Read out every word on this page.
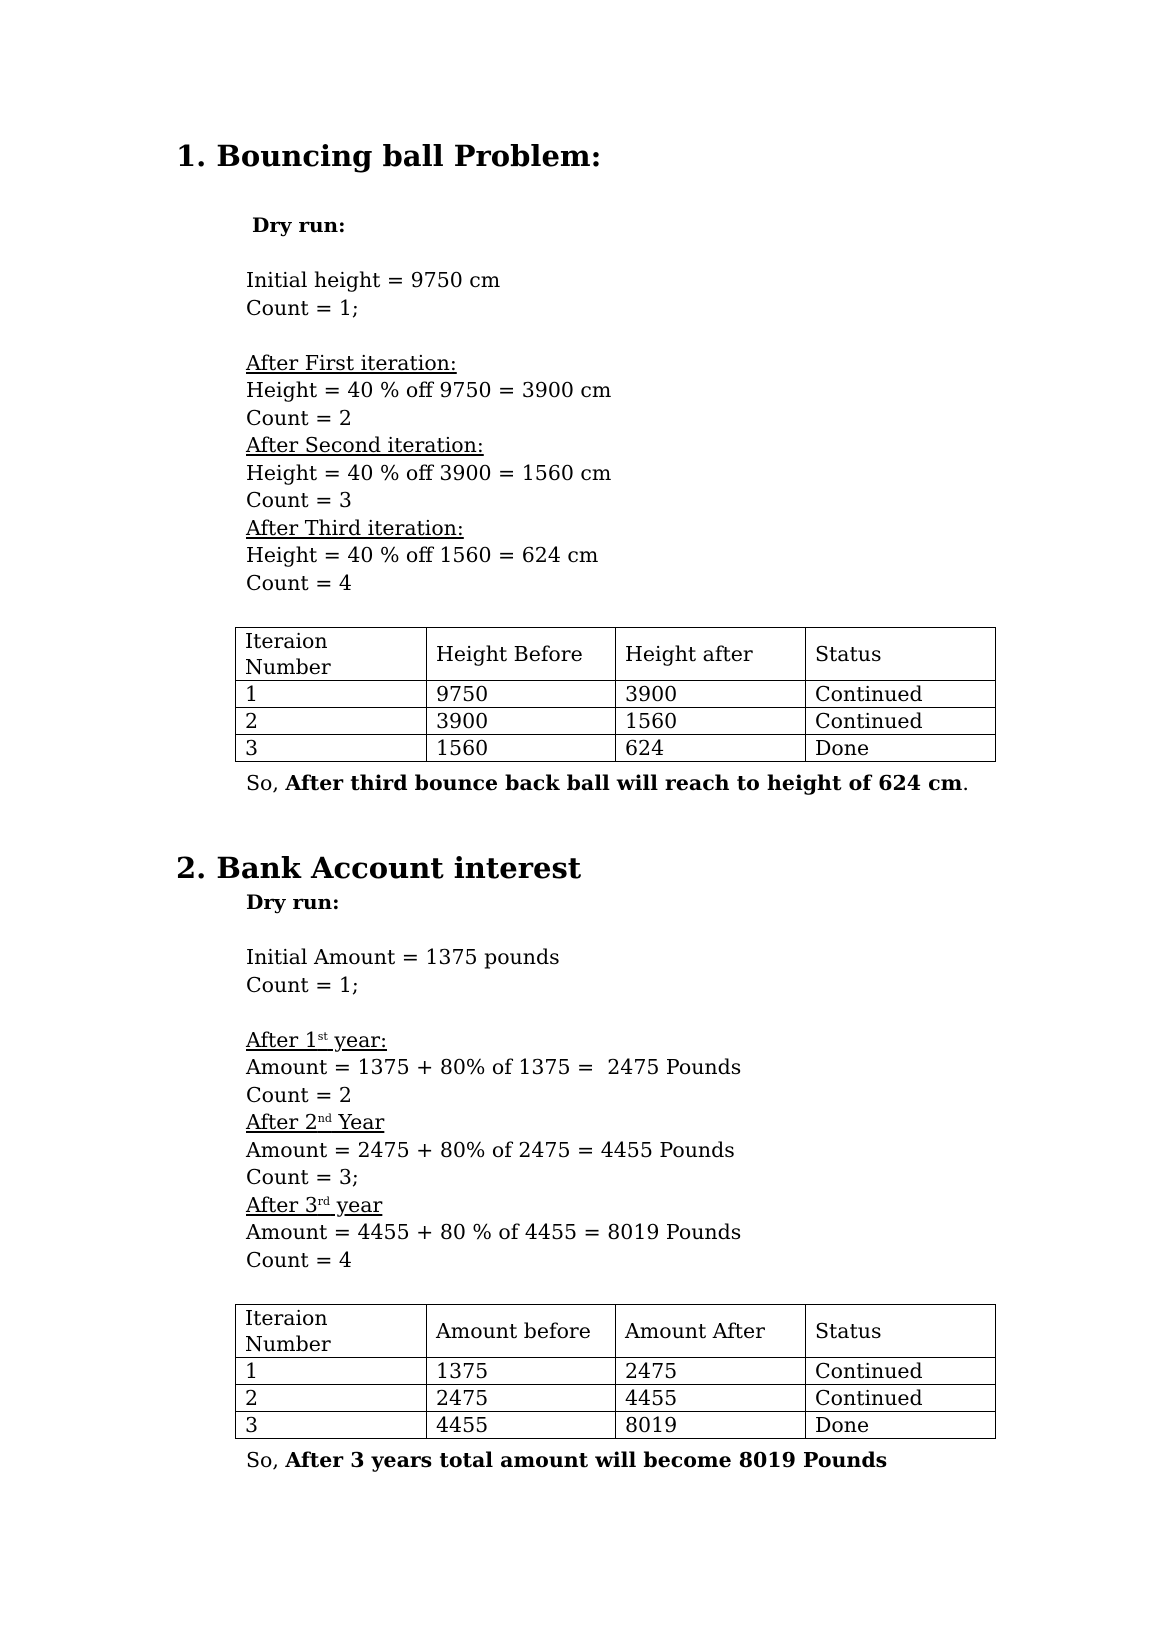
1. Bouncing ball Problem:
Dry run:
Initial height = 9750 cm
Count = 1;
After First iteration:
Height = 40 % off 9750 = 3900 cm
Count = 2
After Second iteration:
Height = 40 % off 3900 = 1560 cm
Count = 3
After Third iteration:
Height = 40 % off 1560 = 624 cm
Count = 4
Iteraion Number	Height Before	Height after	Status
1	9750	3900	Continued
2	3900	1560	Continued
3	1560	624	Done
So, After third bounce back ball will reach to height of 624 cm.
2. Bank Account interest
Dry run:
Initial Amount = 1375 pounds
Count = 1;
After 1st year:
Amount = 1375 + 80% of 1375 =  2475 Pounds
Count = 2
After 2nd Year
Amount = 2475 + 80% of 2475 = 4455 Pounds
Count = 3;
After 3rd year
Amount = 4455 + 80 % of 4455 = 8019 Pounds
Count = 4
Iteraion Number	Amount before	Amount After	Status
1	1375	2475	Continued
2	2475	4455	Continued
3	4455	8019	Done
So, After 3 years total amount will become 8019 Pounds
